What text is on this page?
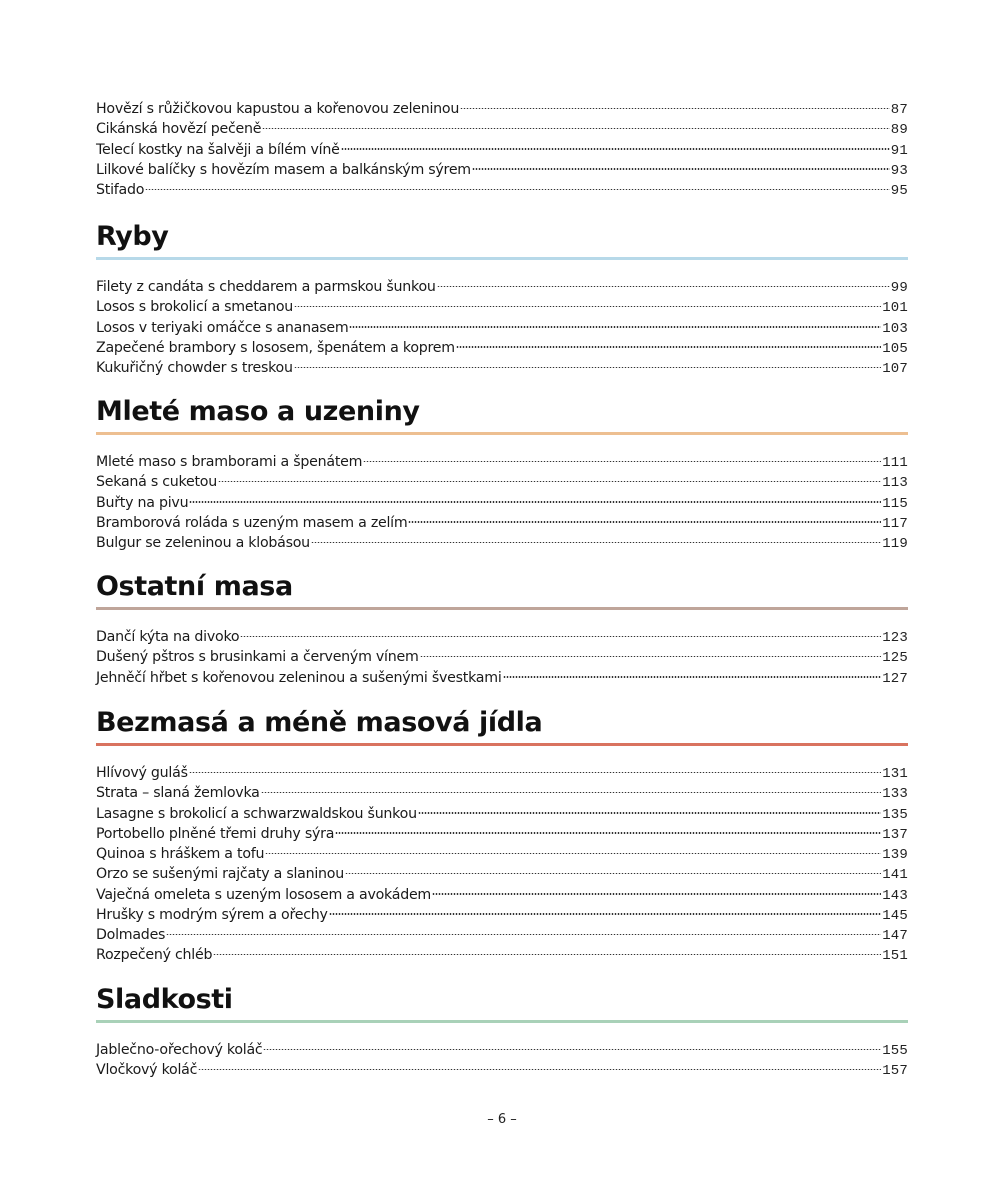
Hovězí s růžičkovou kapustou a kořenovou zeleninou	87
Cikánská hovězí pečeně	89
Telecí kostky na šalvěji a bílém víně	91
Lilkové balíčky s hovězím masem a balkánským sýrem	93
Stifado	95
Ryby
Filety z candáta s cheddarem a parmskou šunkou	99
Losos s brokolicí a smetanou	101
Losos v teriyaki omáčce s ananasem	103
Zapečené brambory s lososem, špenátem a koprem	105
Kukuřičný chowder s treskou	107
Mleté maso a uzeniny
Mleté maso s bramborami a špenátem	111
Sekaná s cuketou	113
Buřty na pivu	115
Bramborová roláda s uzeným masem a zelím	117
Bulgur se zeleninou a klobásou	119
Ostatní masa
Dančí kýta na divoko	123
Dušený pštros s brusinkami a červeným vínem	125
Jehněčí hřbet s kořenovou zeleninou a sušenými švestkami	127
Bezmasá a méně masová jídla
Hlívový guláš	131
Strata – slaná žemlovka	133
Lasagne s brokolicí a schwarzwaldskou šunkou	135
Portobello plněné třemi druhy sýra	137
Quinoa s hráškem a tofu	139
Orzo se sušenými rajčaty a slaninou	141
Vaječná omeleta s uzeným lososem a avokádem	143
Hrušky s modrým sýrem a ořechy	145
Dolmades	147
Rozpečený chléb	151
Sladkosti
Jablečno-ořechový koláč	155
Vločkový koláč	157
– 6 –
